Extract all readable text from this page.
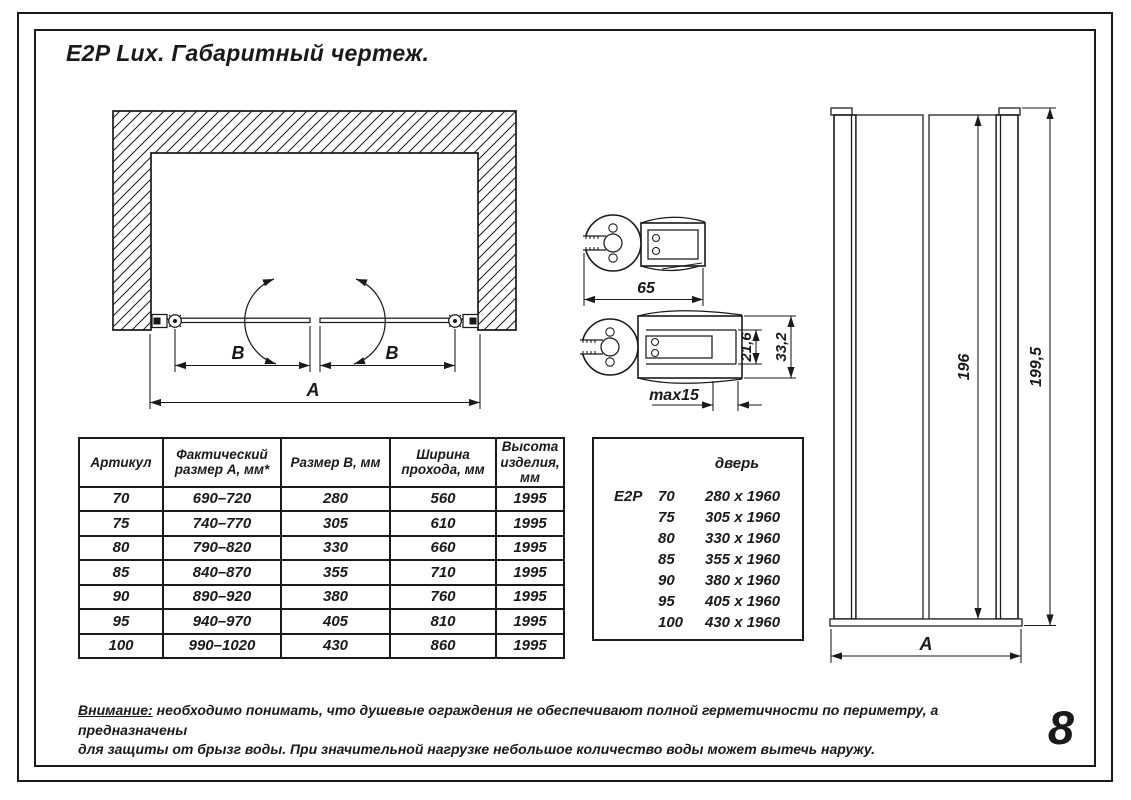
E2P Lux. Габаритный чертеж.
B	B
A
65
21,6 33,2
max15
196	199,5
A
Артикул	Фактический размер А, мм*	Размер В, мм	Ширина прохода, мм	Высота изделия, мм
70	690–720	280	560	1995
75	740–770	305	610	1995
80	790–820	330	660	1995
85	840–870	355	710	1995
90	890–920	380	760	1995
95	940–970	405	810	1995
100	990–1020	430	860	1995
дверь
E2P 70	280 x 1960
75	305 x 1960
80	330 x 1960
85	355 x 1960
90	380 x 1960
95	405 x 1960
100	430 x 1960
Внимание: необходимо понимать, что душевые ограждения не обеспечивают полной герметичности по периметру, а предназначены
для защиты от брызг воды. При значительной нагрузке небольшое количество воды может вытечь наружу.	8
